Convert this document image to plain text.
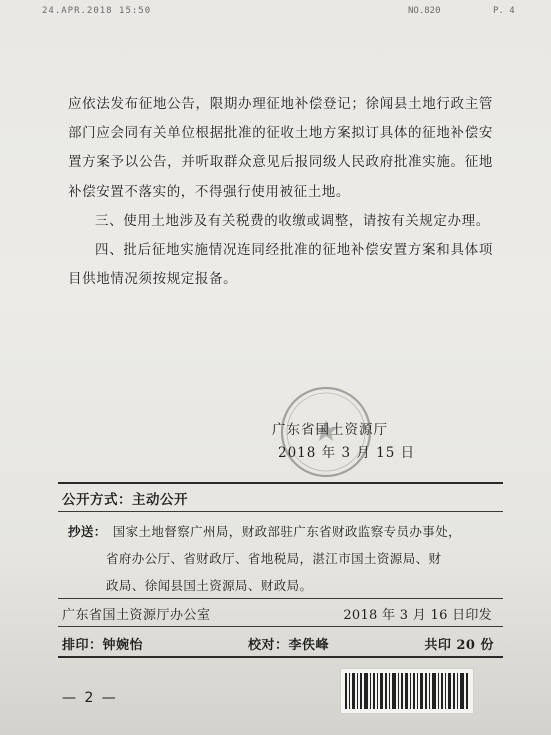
24.APR.2018 15:50	NO.820	P. 4

应依法发布征地公告，限期办理征地补偿登记；徐闻县土地行政主管部门应会同有关单位根据批准的征收土地方案拟订具体的征地补偿安置方案予以公告，并听取群众意见后报同级人民政府批准实施。征地补偿安置不落实的，不得强行使用被征土地。

三、使用土地涉及有关税费的收缴或调整，请按有关规定办理。

四、批后征地实施情况连同经批准的征地补偿安置方案和具体项目供地情况须按规定报备。

广东省国土资源厅
2018 年 3 月 15 日
公开方式：主动公开
抄送： 国家土地督察广州局，财政部驻广东省财政监察专员办事处，
省府办公厅、省财政厅、省地税局，湛江市国土资源局、财
政局、徐闻县国土资源局、财政局。
广东省国土资源厅办公室	2018 年 3 月 16 日印发
排印：钟婉怡	校对：李佚峰	共印 20 份
— 2 —
